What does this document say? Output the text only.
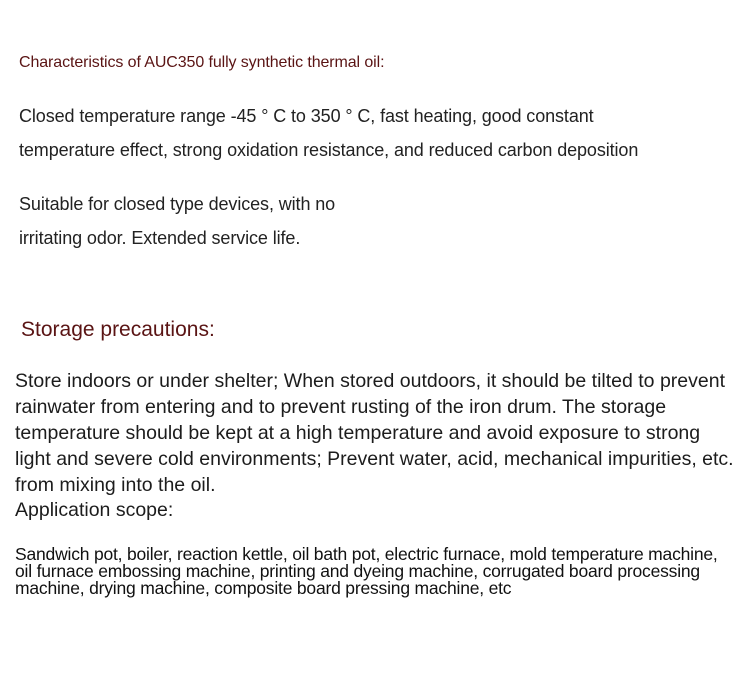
Characteristics of AUC350 fully synthetic thermal oil:
Closed temperature range -45 ° C to 350 ° C, fast heating, good constant
temperature effect, strong oxidation resistance, and reduced carbon deposition
Suitable for closed type devices, with no
irritating odor. Extended service life.
Storage precautions:
Store indoors or under shelter; When stored outdoors, it should be tilted to prevent rainwater from entering and to prevent rusting of the iron drum. The storage temperature should be kept at a high temperature and avoid exposure to strong light and severe cold environments; Prevent water, acid, mechanical impurities, etc. from mixing into the oil.
Application scope:
Sandwich pot, boiler, reaction kettle, oil bath pot, electric furnace, mold temperature machine, oil furnace embossing machine, printing and dyeing machine, corrugated board processing machine, drying machine, composite board pressing machine, etc
